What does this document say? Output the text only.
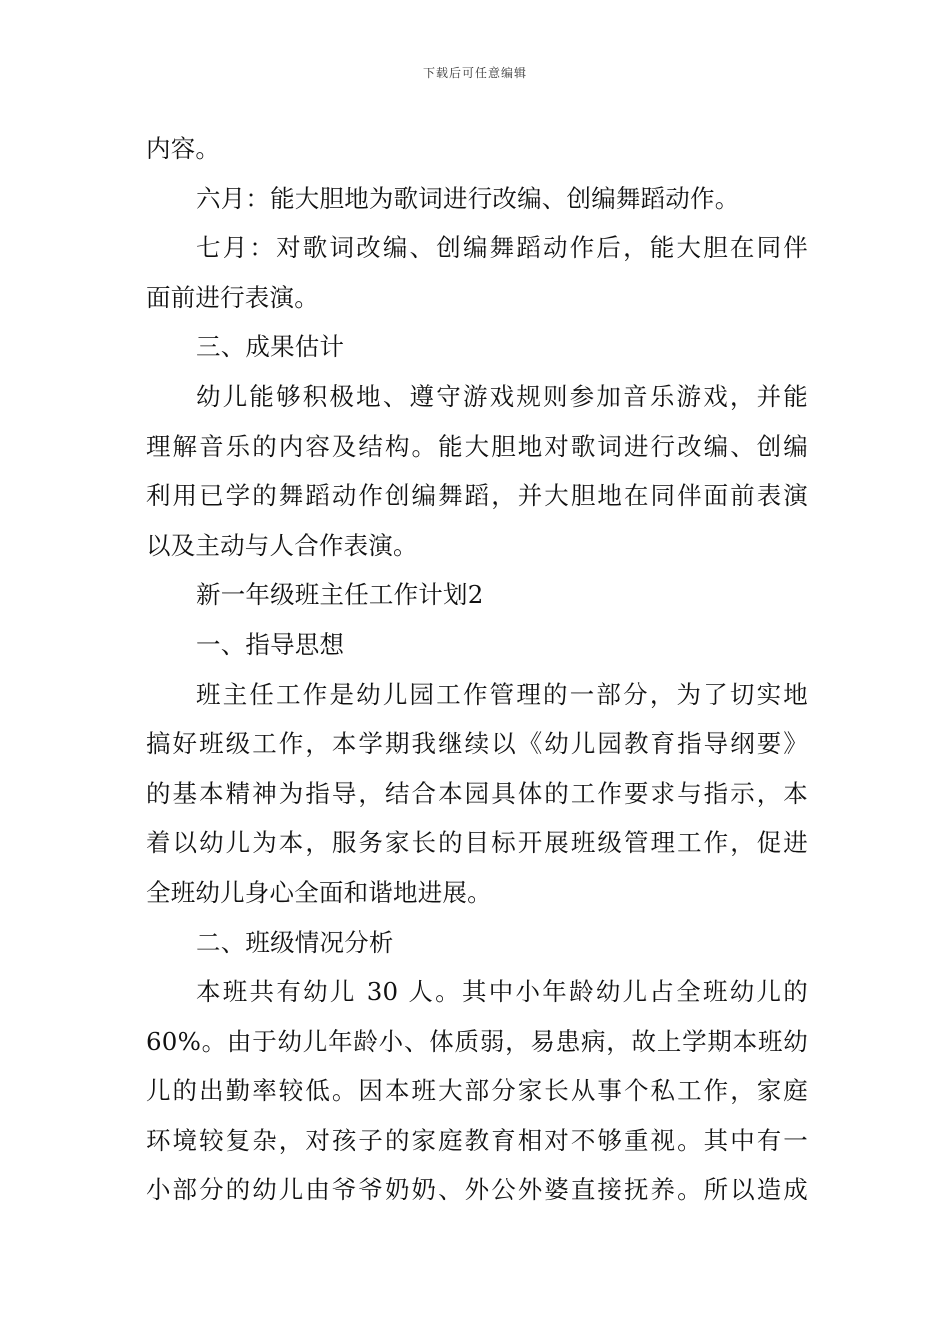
下载后可任意编辑
内容。
六月：能大胆地为歌词进行改编、创编舞蹈动作。
七月：对歌词改编、创编舞蹈动作后，能大胆在同伴
面前进行表演。
三、成果估计
幼儿能够积极地、遵守游戏规则参加音乐游戏，并能
理解音乐的内容及结构。能大胆地对歌词进行改编、创编
利用已学的舞蹈动作创编舞蹈，并大胆地在同伴面前表演
以及主动与人合作表演。
新一年级班主任工作计划2
一、指导思想
班主任工作是幼儿园工作管理的一部分，为了切实地
搞好班级工作，本学期我继续以《幼儿园教育指导纲要》
的基本精神为指导，结合本园具体的工作要求与指示，本
着以幼儿为本，服务家长的目标开展班级管理工作，促进
全班幼儿身心全面和谐地进展。
二、班级情况分析
本班共有幼儿 30 人。其中小年龄幼儿占全班幼儿的
60%。由于幼儿年龄小、体质弱，易患病，故上学期本班幼
儿的出勤率较低。因本班大部分家长从事个私工作，家庭
环境较复杂，对孩子的家庭教育相对不够重视。其中有一
小部分的幼儿由爷爷奶奶、外公外婆直接抚养。所以造成
